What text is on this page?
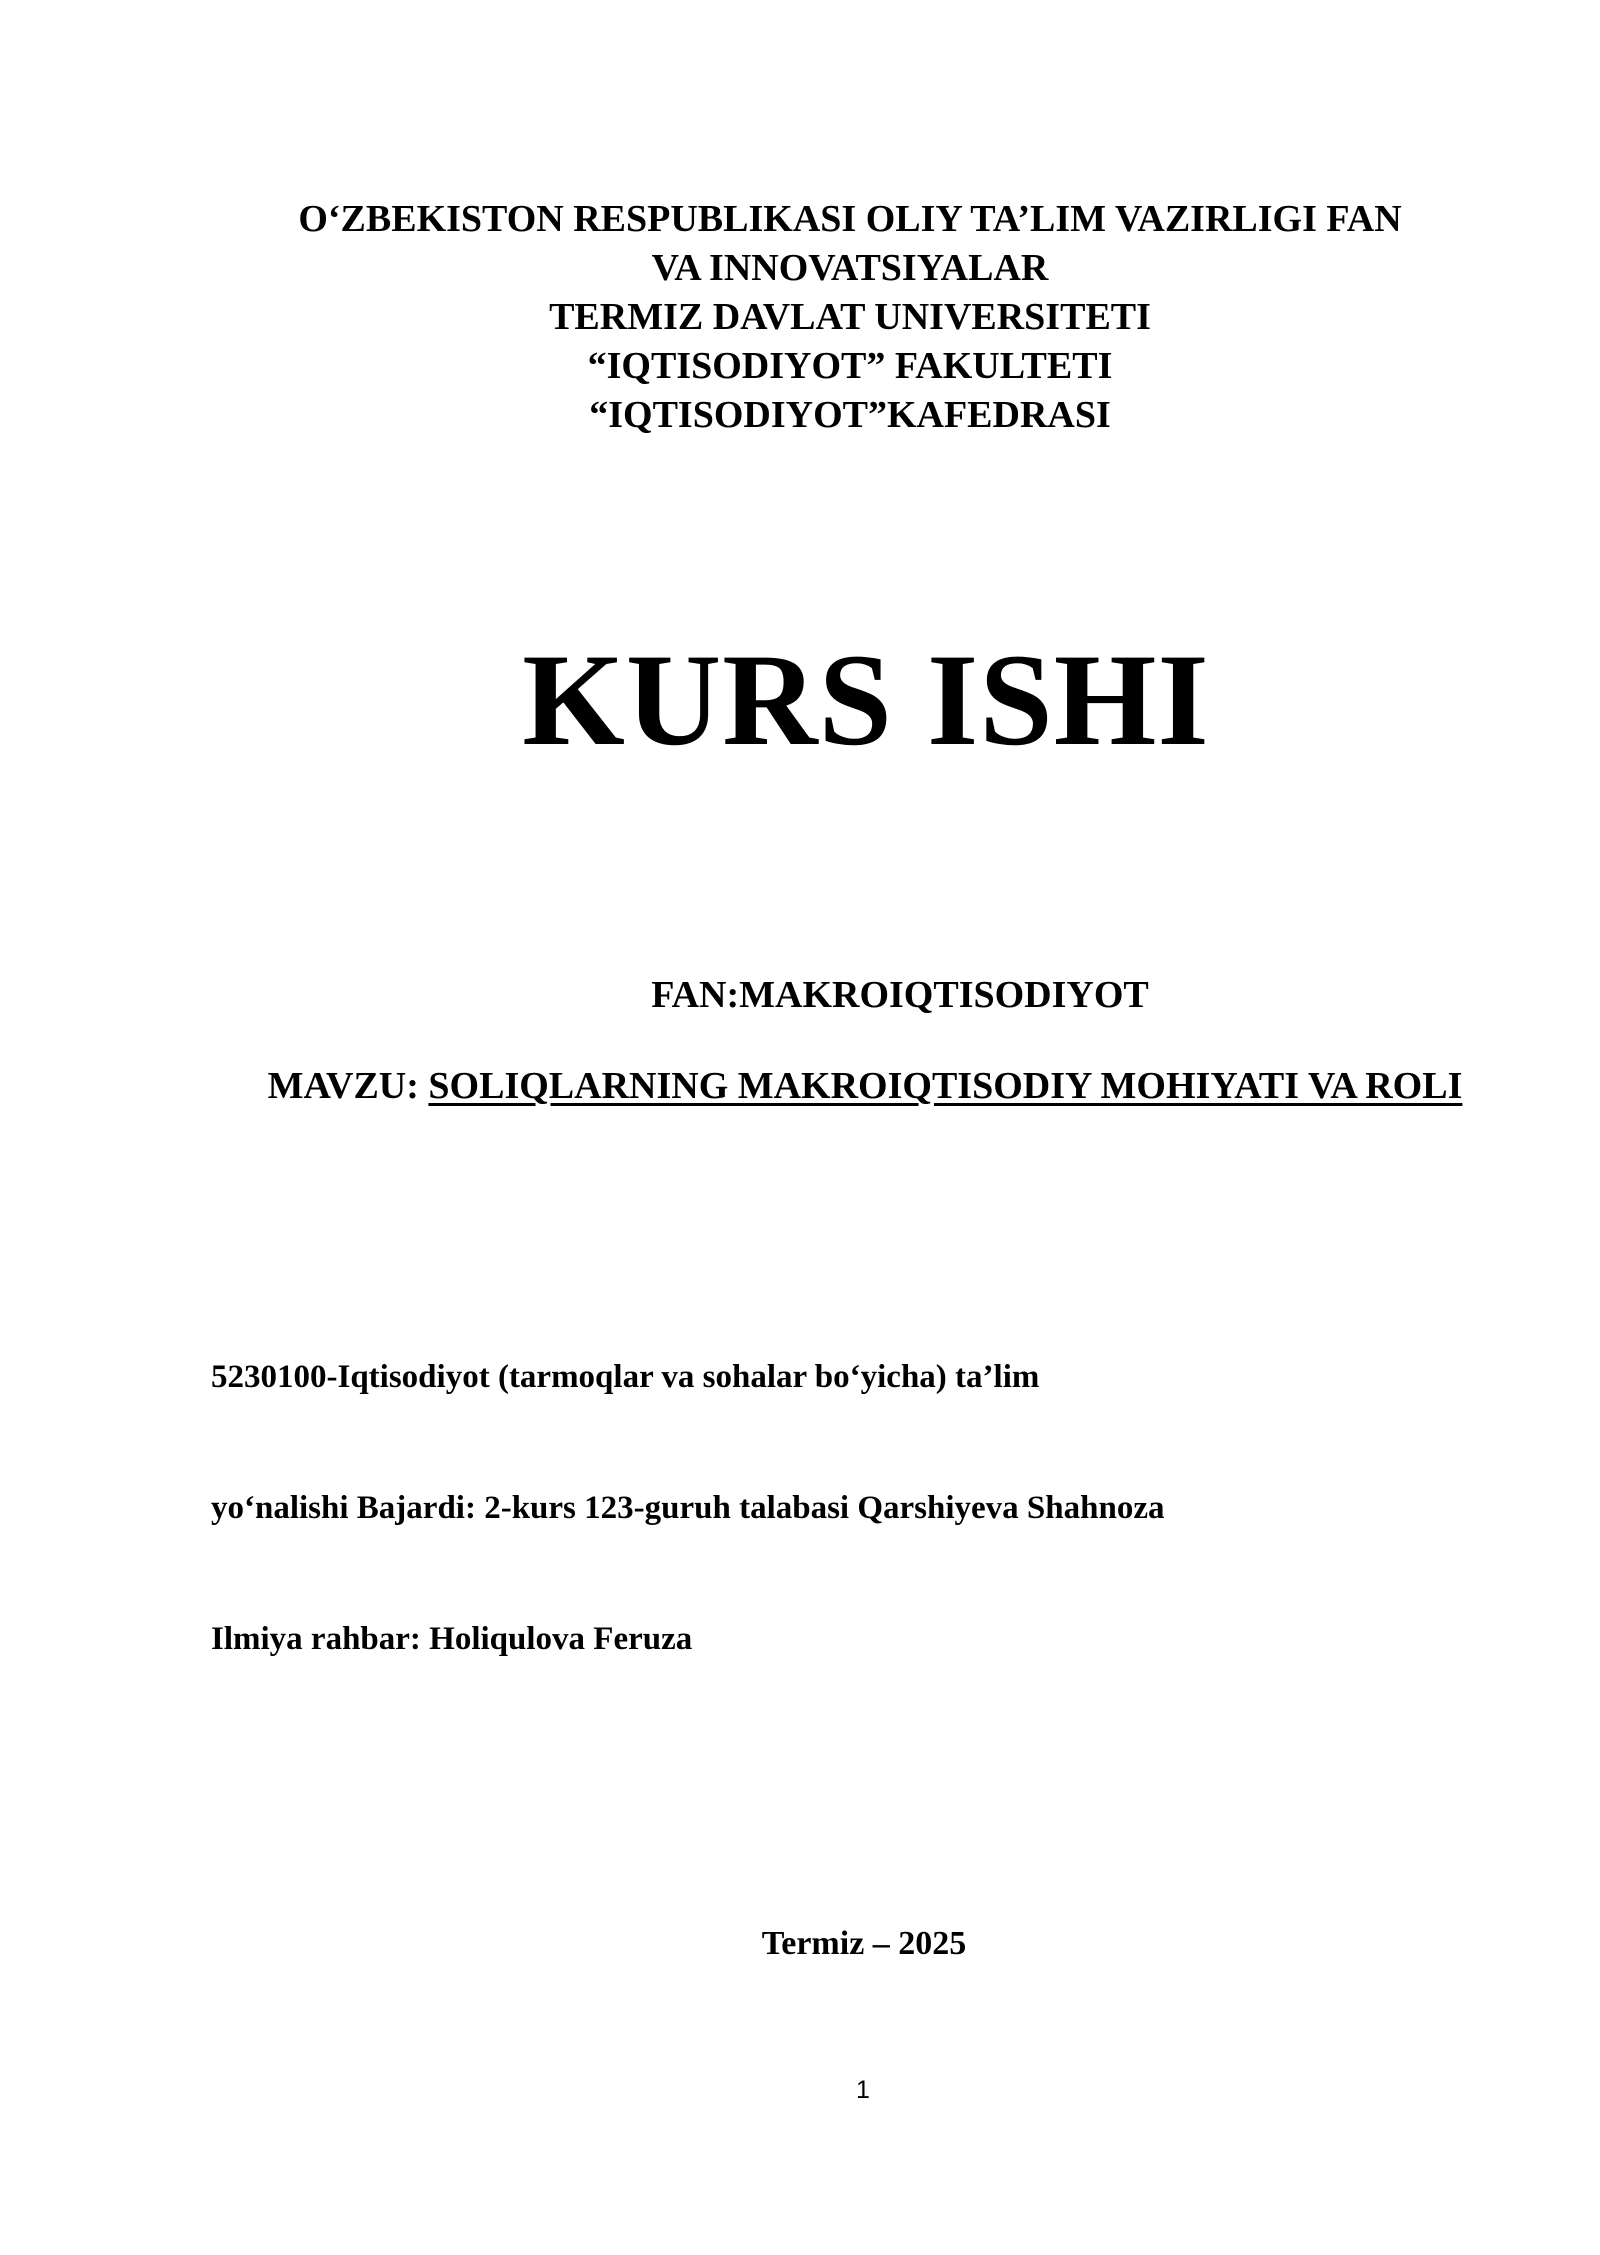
O‘ZBEKISTON RESPUBLIKASI OLIY TA’LIM VAZIRLIGI FAN
VA INNOVATSIYALAR
TERMIZ DAVLAT UNIVERSITETI
“IQTISODIYOT” FAKULTETI
“IQTISODIYOT”KAFEDRASI
KURS ISHI
FAN:MAKROIQTISODIYOT
MAVZU: SOLIQLARNING MAKROIQTISODIY MOHIYATI VA ROLI
5230100-Iqtisodiyot (tarmoqlar va sohalar bo‘yicha) ta’lim
yo‘nalishi Bajardi: 2-kurs 123-guruh talabasi Qarshiyeva Shahnoza
Ilmiya rahbar: Holiqulova Feruza
Termiz – 2025
1
